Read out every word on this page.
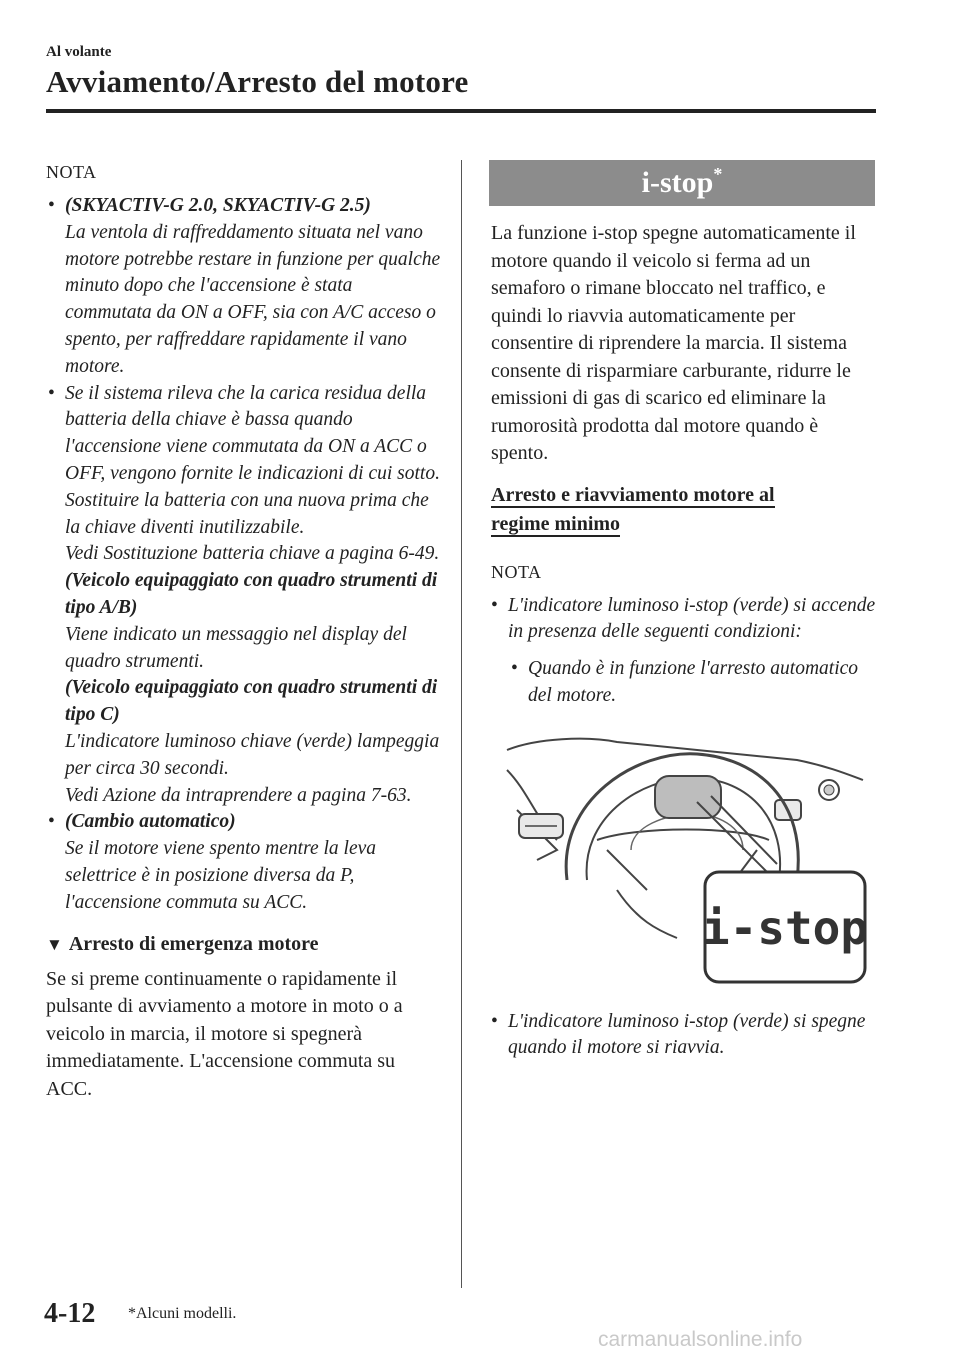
Al volante
Avviamento/Arresto del motore
NOTA
• (SKYACTIV-G 2.0, SKYACTIV-G 2.5)

La ventola di raffreddamento situata nel vano motore potrebbe restare in funzione per qualche minuto dopo che l'accensione è stata commutata da ON a OFF, sia con A/C acceso o spento, per raffreddare rapidamente il vano motore.

• Se il sistema rileva che la carica residua della batteria della chiave è bassa quando l'accensione viene commutata da ON a ACC o OFF, vengono fornite le indicazioni di cui sotto.

Sostituire la batteria con una nuova prima che la chiave diventi inutilizzabile.

Vedi Sostituzione batteria chiave a pagina 6-49.

(Veicolo equipaggiato con quadro strumenti di tipo A/B)

Viene indicato un messaggio nel display del quadro strumenti.

(Veicolo equipaggiato con quadro strumenti di tipo C)

L'indicatore luminoso chiave (verde) lampeggia per circa 30 secondi.

Vedi Azione da intraprendere a pagina 7-63.

• (Cambio automatico)

Se il motore viene spento mentre la leva selettrice è in posizione diversa da P, l'accensione commuta su ACC.

▼ Arresto di emergenza motore

Se si preme continuamente o rapidamente il pulsante di avviamento a motore in moto o a veicolo in marcia, il motore si spegnerà immediatamente. L'accensione commuta su ACC.

i-stop*

La funzione i-stop spegne automaticamente il motore quando il veicolo si ferma ad un semaforo o rimane bloccato nel traffico, e quindi lo riavvia automaticamente per consentire di riprendere la marcia. Il sistema consente di risparmiare carburante, ridurre le emissioni di gas di scarico ed eliminare la rumorosità prodotta dal motore quando è spento.

Arresto e riavviamento motore al regime minimo
NOTA
• L'indicatore luminoso i-stop (verde) si accende in presenza delle seguenti condizioni:

• Quando è in funzione l'arresto automatico del motore.

i-stop
• L'indicatore luminoso i-stop (verde) si spegne quando il motore si riavvia.

4-12 *Alcuni modelli.
carmanualsonline.info
